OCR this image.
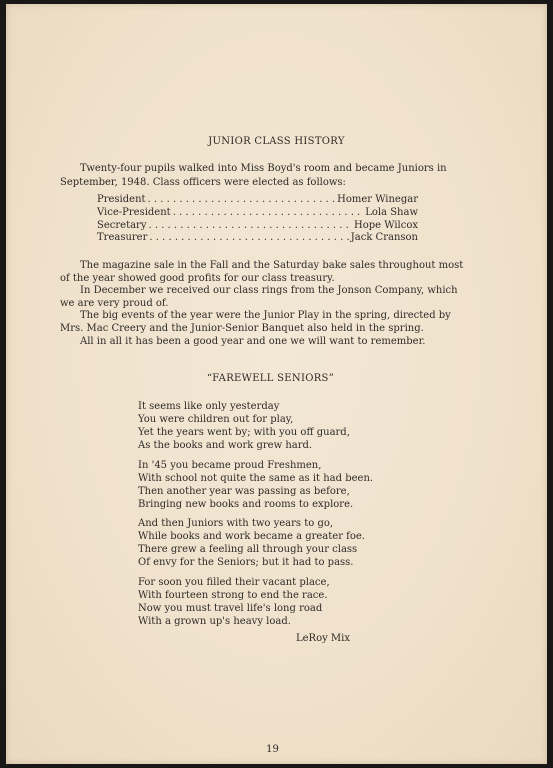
JUNIOR CLASS HISTORY
Twenty-four pupils walked into Miss Boyd's room and became Juniors in
September, 1948. Class officers were elected as follows:
President . . .	Homer Winegar
Vice-President . . .	Lola Shaw
Secretary . . .	Hope Wilcox
Treasurer . . .	Jack Cranson
The magazine sale in the Fall and the Saturday bake sales throughout most
of the year showed good profits for our class treasury.
In December we received our class rings from the Jonson Company, which
we are very proud of.
The big events of the year were the Junior Play in the spring, directed by
Mrs. Mac Creery and the Junior-Senior Banquet also held in the spring.
All in all it has been a good year and one we will want to remember.
“FAREWELL SENIORS”
It seems like only yesterday
You were children out for play,
Yet the years went by; with you off guard,
As the books and work grew hard.
In '45 you became proud Freshmen,
With school not quite the same as it had been.
Then another year was passing as before,
Bringing new books and rooms to explore.
And then Juniors with two years to go,
While books and work became a greater foe.
There grew a feeling all through your class
Of envy for the Seniors; but it had to pass.
For soon you filled their vacant place,
With fourteen strong to end the race.
Now you must travel life's long road
With a grown up's heavy load.
LeRoy Mix
19
